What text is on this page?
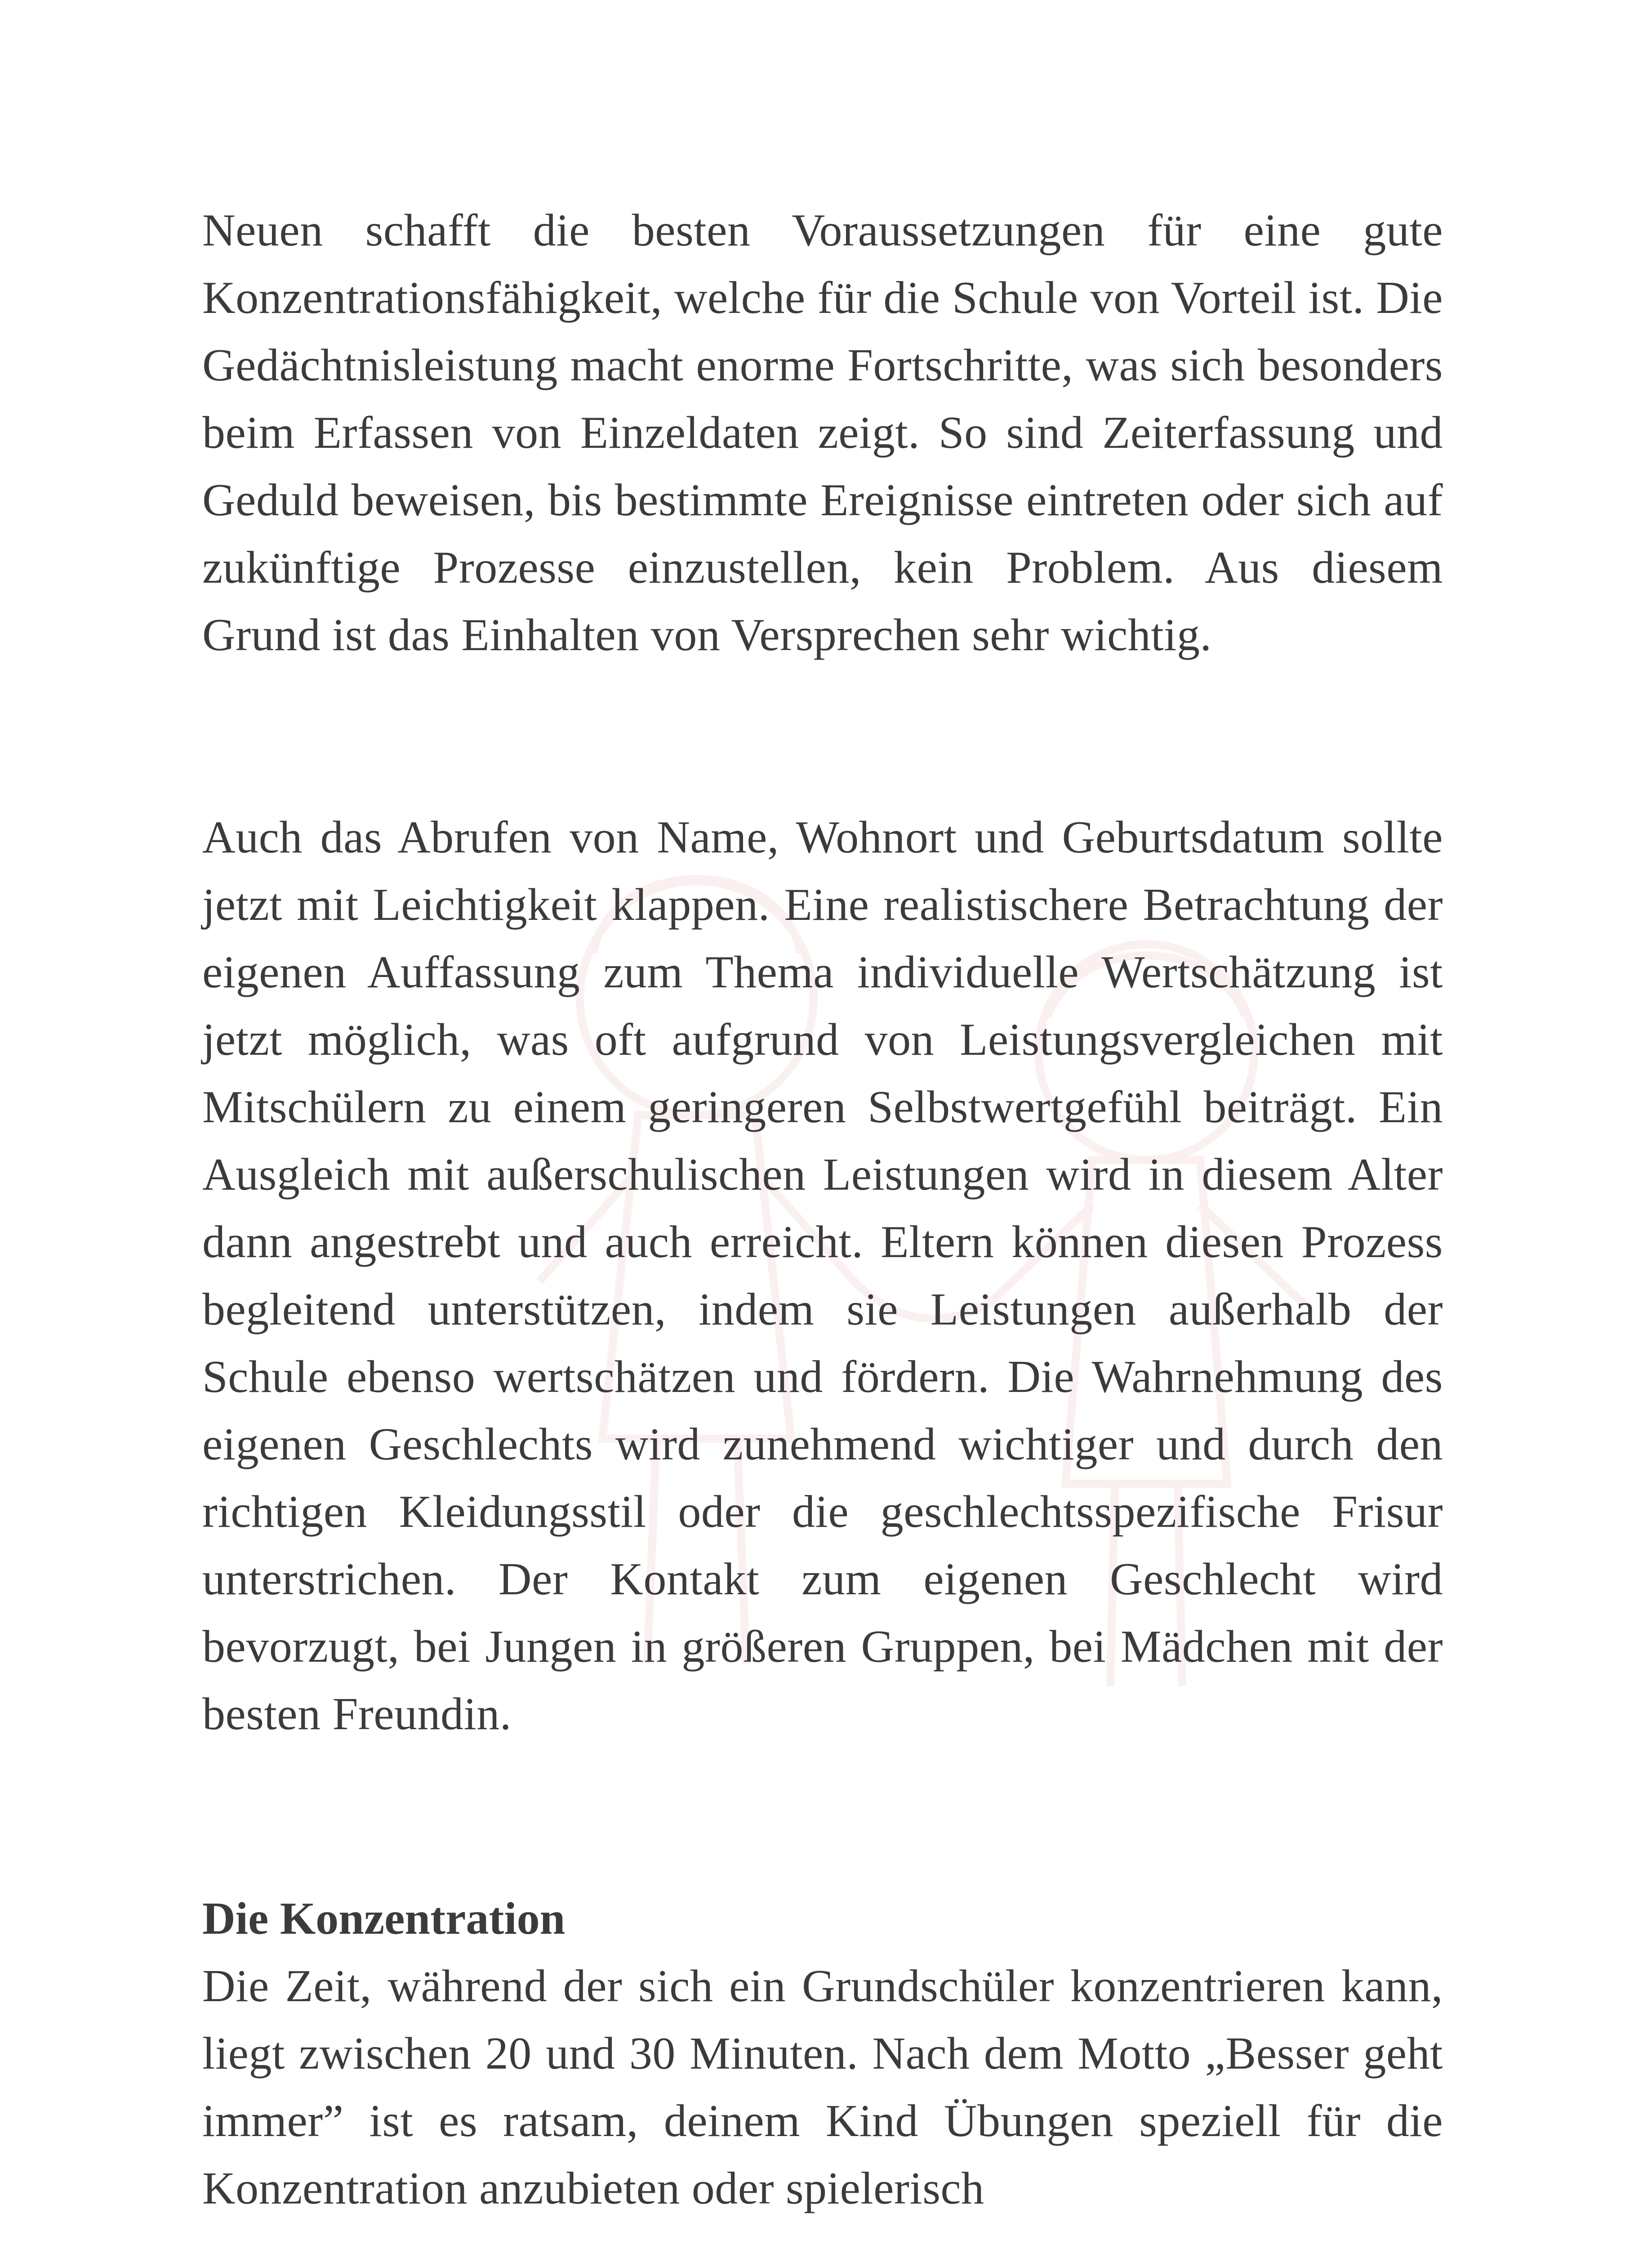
Neuen schafft die besten Voraussetzungen für eine gute Konzentrationsfähigkeit, welche für die Schule von Vorteil ist. Die Gedächtnisleistung macht enorme Fortschritte, was sich besonders beim Erfassen von Einzeldaten zeigt. So sind Zeiterfassung und Geduld beweisen, bis bestimmte Ereignisse eintreten oder sich auf zukünftige Prozesse einzustellen, kein Problem. Aus diesem Grund ist das Einhalten von Versprechen sehr wichtig.

Auch das Abrufen von Name, Wohnort und Geburtsdatum sollte jetzt mit Leichtigkeit klappen. Eine realistischere Betrachtung der eigenen Auffassung zum Thema individuelle Wertschätzung ist jetzt möglich, was oft aufgrund von Leistungsvergleichen mit Mitschülern zu einem geringeren Selbstwertgefühl beiträgt. Ein Ausgleich mit außerschulischen Leistungen wird in diesem Alter dann angestrebt und auch erreicht. Eltern können diesen Prozess begleitend unterstützen, indem sie Leistungen außerhalb der Schule ebenso wertschätzen und fördern. Die Wahrnehmung des eigenen Geschlechts wird zunehmend wichtiger und durch den richtigen Kleidungsstil oder die geschlechtsspezifische Frisur unterstrichen. Der Kontakt zum eigenen Geschlecht wird bevorzugt, bei Jungen in größeren Gruppen, bei Mädchen mit der besten Freundin.

Die Konzentration

Die Zeit, während der sich ein Grundschüler konzentrieren kann, liegt zwischen 20 und 30 Minuten. Nach dem Motto „Besser geht immer” ist es ratsam, deinem Kind Übungen speziell für die Konzentration anzubieten oder spielerisch
